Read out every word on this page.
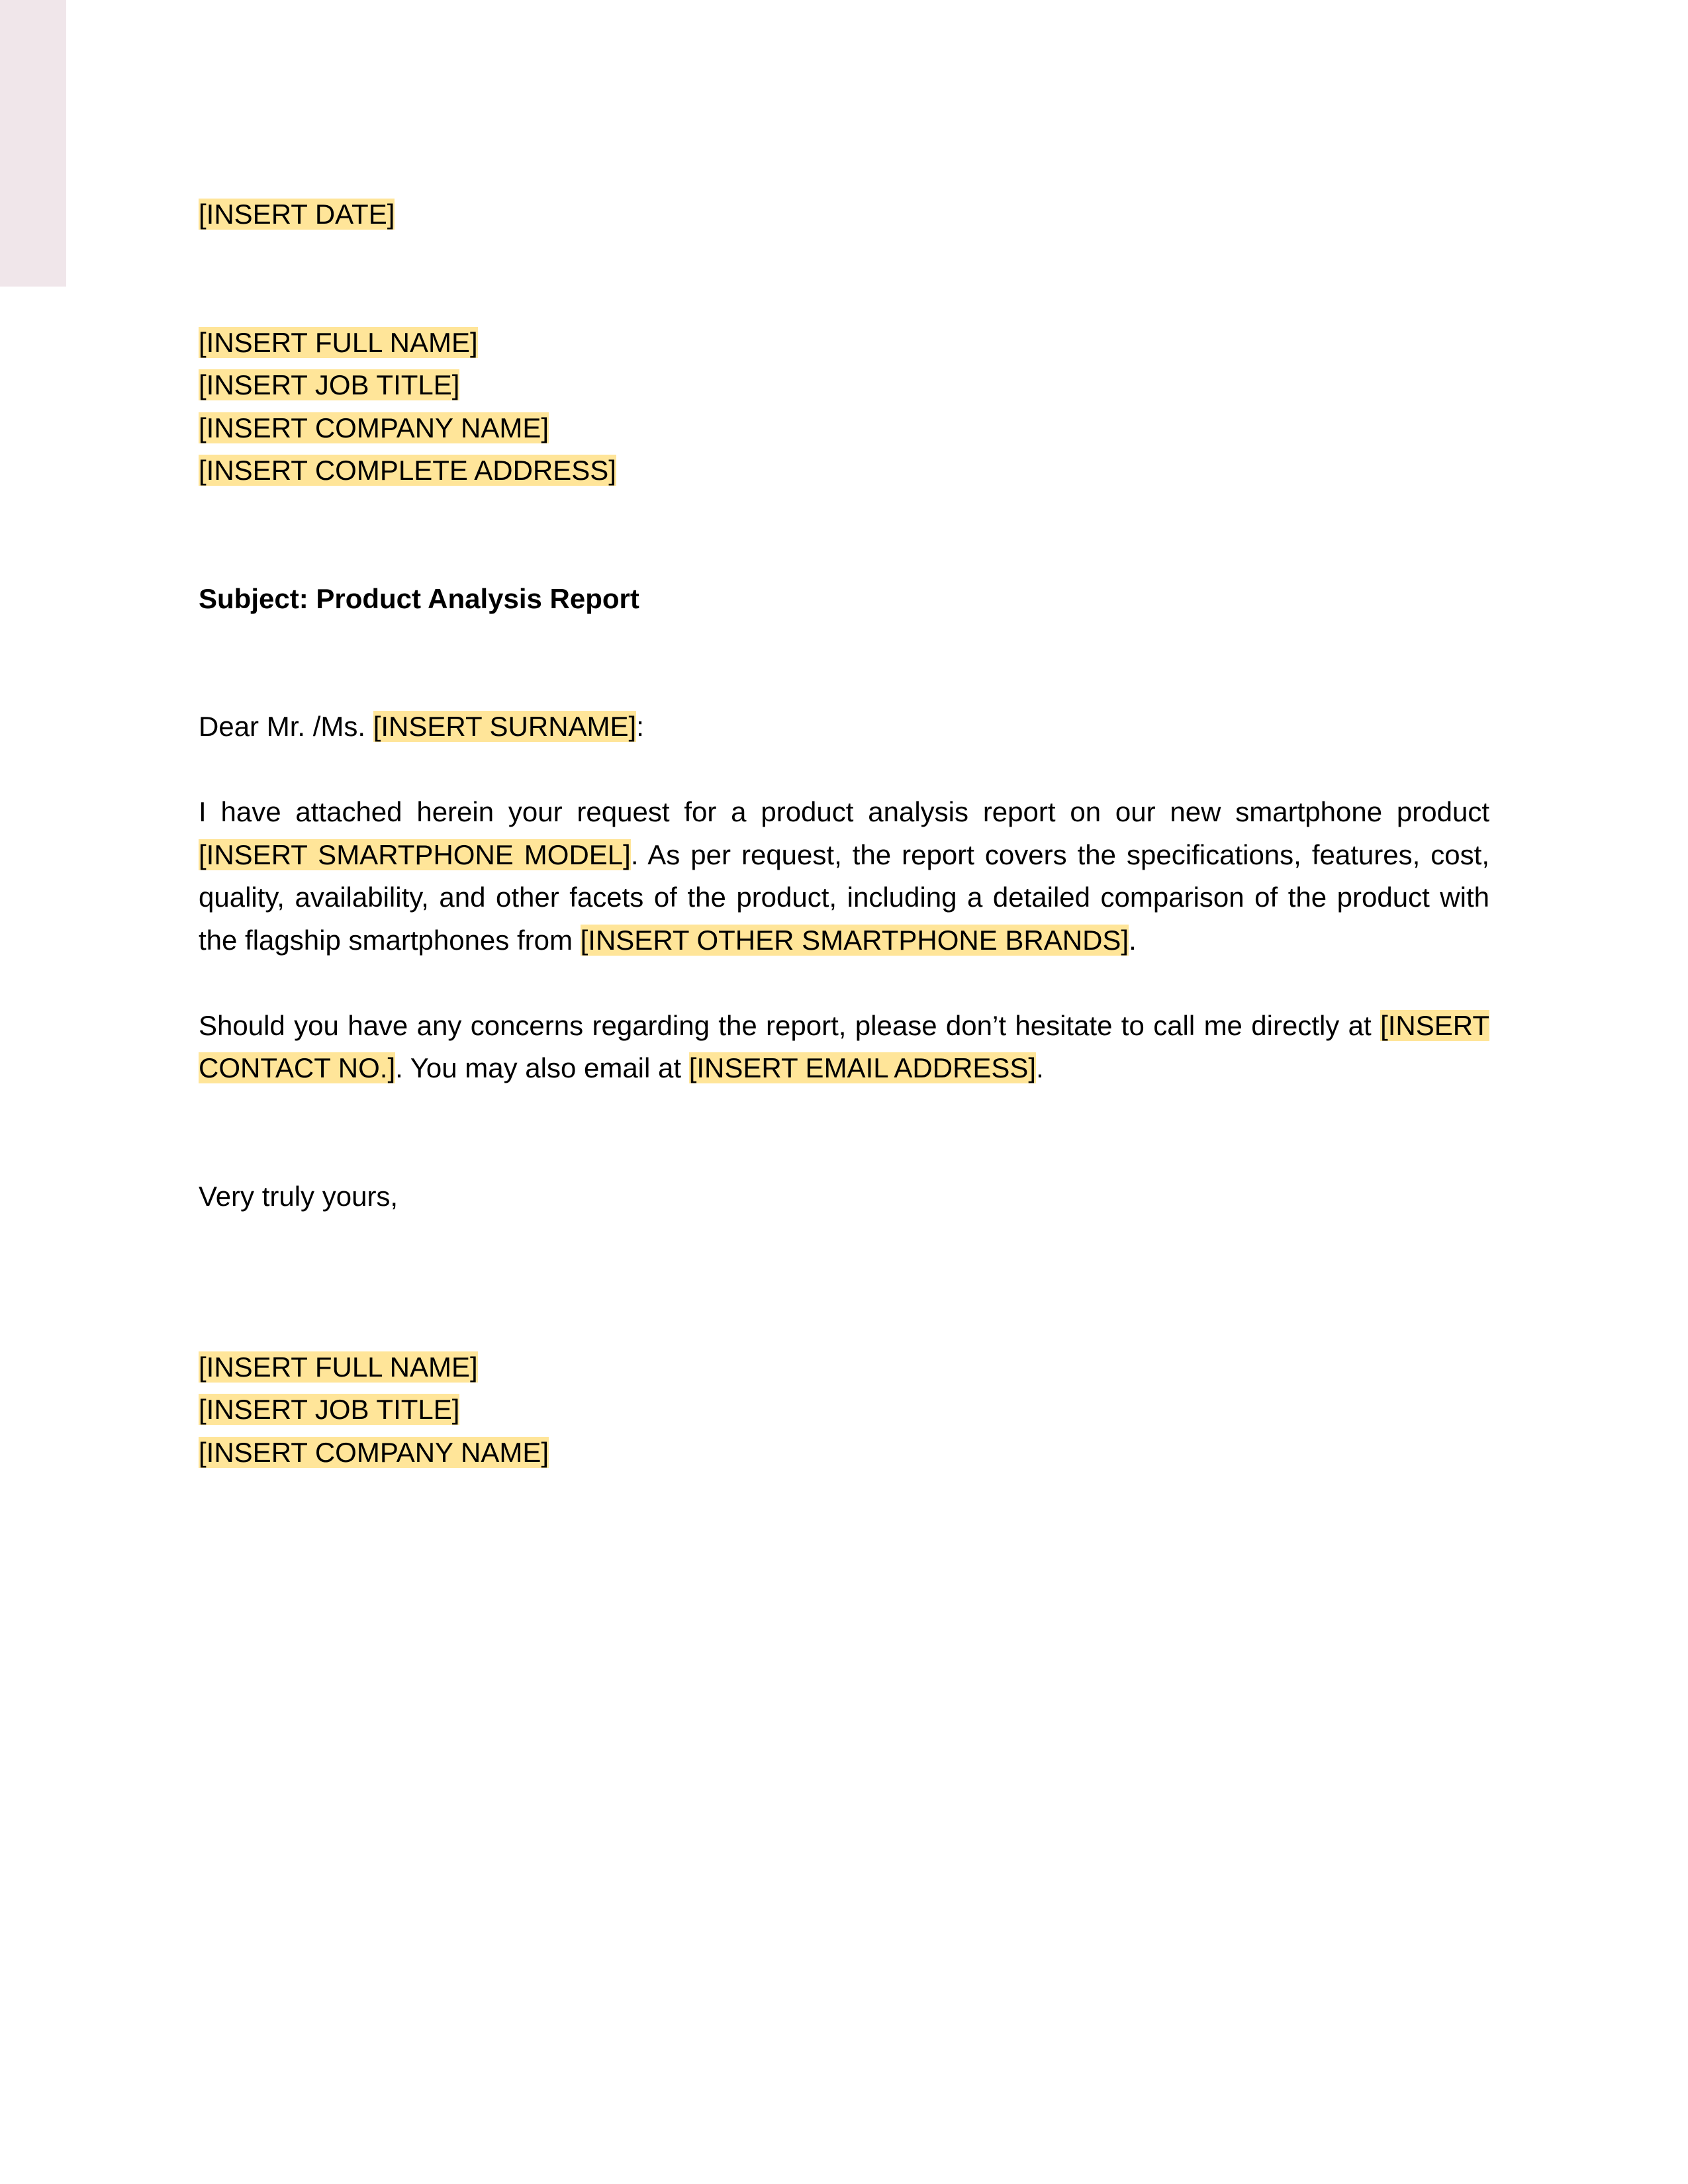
[INSERT DATE]
[INSERT FULL NAME]
[INSERT JOB TITLE]
[INSERT COMPANY NAME]
[INSERT COMPLETE ADDRESS]
Subject: Product Analysis Report
Dear Mr. /Ms. [INSERT SURNAME]:
I have attached herein your request for a product analysis report on our new smartphone product [INSERT SMARTPHONE MODEL]. As per request, the report covers the specifications, features, cost, quality, availability, and other facets of the product, including a detailed comparison of the product with the flagship smartphones from [INSERT OTHER SMARTPHONE BRANDS].
Should you have any concerns regarding the report, please don’t hesitate to call me directly at [INSERT CONTACT NO.]. You may also email at [INSERT EMAIL ADDRESS].
Very truly yours,
[INSERT FULL NAME]
[INSERT JOB TITLE]
[INSERT COMPANY NAME]
